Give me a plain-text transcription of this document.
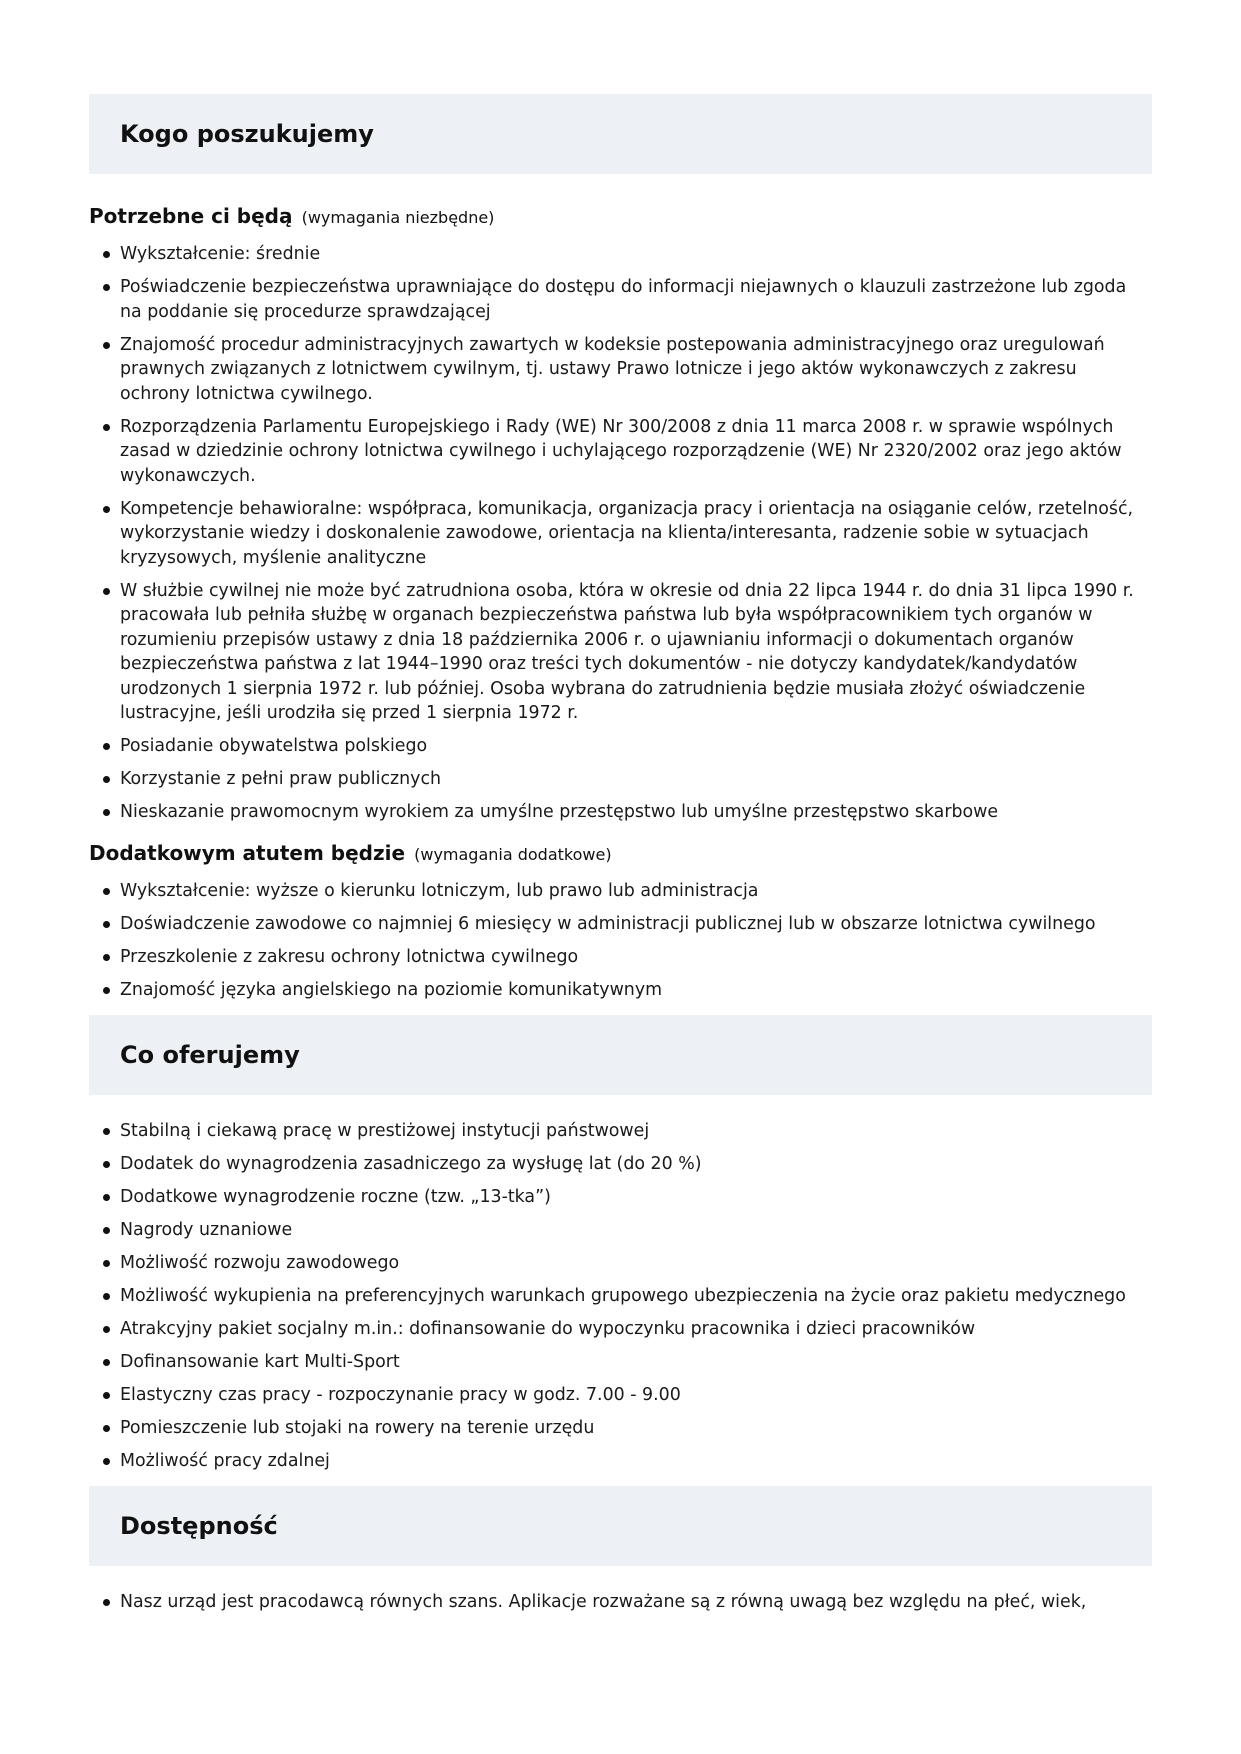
Kogo poszukujemy

Potrzebne ci będą (wymagania niezbędne)

Wykształcenie: średnie
Poświadczenie bezpieczeństwa uprawniające do dostępu do informacji niejawnych o klauzuli zastrzeżone lub zgoda na poddanie się procedurze sprawdzającej
Znajomość procedur administracyjnych zawartych w kodeksie postepowania administracyjnego oraz uregulowań prawnych związanych z lotnictwem cywilnym, tj. ustawy Prawo lotnicze i jego aktów wykonawczych z zakresu ochrony lotnictwa cywilnego.
Rozporządzenia Parlamentu Europejskiego i Rady (WE) Nr 300/2008 z dnia 11 marca 2008 r. w sprawie wspólnych zasad w dziedzinie ochrony lotnictwa cywilnego i uchylającego rozporządzenie (WE) Nr 2320/2002 oraz jego aktów wykonawczych.
Kompetencje behawioralne: współpraca, komunikacja, organizacja pracy i orientacja na osiąganie celów, rzetelność, wykorzystanie wiedzy i doskonalenie zawodowe, orientacja na klienta/interesanta, radzenie sobie w sytuacjach kryzysowych, myślenie analityczne
W służbie cywilnej nie może być zatrudniona osoba, która w okresie od dnia 22 lipca 1944 r. do dnia 31 lipca 1990 r. pracowała lub pełniła służbę w organach bezpieczeństwa państwa lub była współpracownikiem tych organów w rozumieniu przepisów ustawy z dnia 18 października 2006 r. o ujawnianiu informacji o dokumentach organów bezpieczeństwa państwa z lat 1944–1990 oraz treści tych dokumentów - nie dotyczy kandydatek/kandydatów urodzonych 1 sierpnia 1972 r. lub później. Osoba wybrana do zatrudnienia będzie musiała złożyć oświadczenie lustracyjne, jeśli urodziła się przed 1 sierpnia 1972 r.
Posiadanie obywatelstwa polskiego
Korzystanie z pełni praw publicznych
Nieskazanie prawomocnym wyrokiem za umyślne przestępstwo lub umyślne przestępstwo skarbowe

Dodatkowym atutem będzie (wymagania dodatkowe)

Wykształcenie: wyższe o kierunku lotniczym, lub prawo lub administracja
Doświadczenie zawodowe co najmniej 6 miesięcy w administracji publicznej lub w obszarze lotnictwa cywilnego
Przeszkolenie z zakresu ochrony lotnictwa cywilnego
Znajomość języka angielskiego na poziomie komunikatywnym
Co oferujemy
Stabilną i ciekawą pracę w prestiżowej instytucji państwowej
Dodatek do wynagrodzenia zasadniczego za wysługę lat (do 20 %)
Dodatkowe wynagrodzenie roczne (tzw. „13-tka”)
Nagrody uznaniowe
Możliwość rozwoju zawodowego
Możliwość wykupienia na preferencyjnych warunkach grupowego ubezpieczenia na życie oraz pakietu medycznego
Atrakcyjny pakiet socjalny m.in.: dofinansowanie do wypoczynku pracownika i dzieci pracowników
Dofinansowanie kart Multi-Sport
Elastyczny czas pracy - rozpoczynanie pracy w godz. 7.00 - 9.00
Pomieszczenie lub stojaki na rowery na terenie urzędu
Możliwość pracy zdalnej
Dostępność
Nasz urząd jest pracodawcą równych szans. Aplikacje rozważane są z równą uwagą bez względu na płeć, wiek,
